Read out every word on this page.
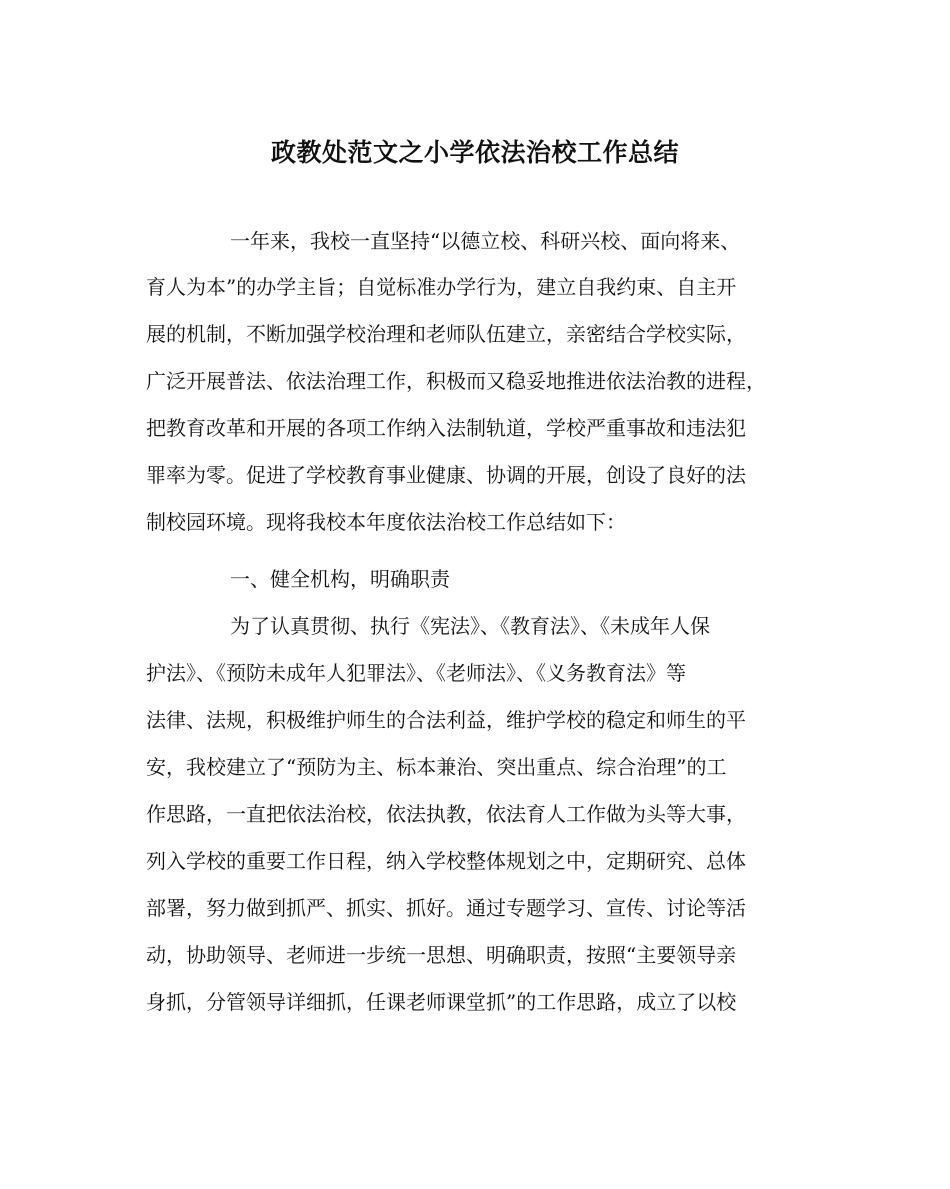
政教处范文之小学依法治校工作总结
一年来，我校一直坚持“以德立校、科研兴校、面向将来、
育人为本”的办学主旨；自觉标准办学行为，建立自我约束、自主开
展的机制，不断加强学校治理和老师队伍建立，亲密结合学校实际，
广泛开展普法、依法治理工作，积极而又稳妥地推进依法治教的进程，
把教育改革和开展的各项工作纳入法制轨道，学校严重事故和违法犯
罪率为零。促进了学校教育事业健康、协调的开展，创设了良好的法
制校园环境。现将我校本年度依法治校工作总结如下：
一、健全机构，明确职责
为了认真贯彻、执行《宪法》、《教育法》、《未成年人保
护法》、《预防未成年人犯罪法》、《老师法》、《义务教育法》等
法律、法规，积极维护师生的合法利益，维护学校的稳定和师生的平
安，我校建立了“预防为主、标本兼治、突出重点、综合治理”的工
作思路，一直把依法治校，依法执教，依法育人工作做为头等大事，
列入学校的重要工作日程，纳入学校整体规划之中，定期研究、总体
部署，努力做到抓严、抓实、抓好。通过专题学习、宣传、讨论等活
动，协助领导、老师进一步统一思想、明确职责，按照“主要领导亲
身抓，分管领导详细抓，任课老师课堂抓”的工作思路，成立了以校
